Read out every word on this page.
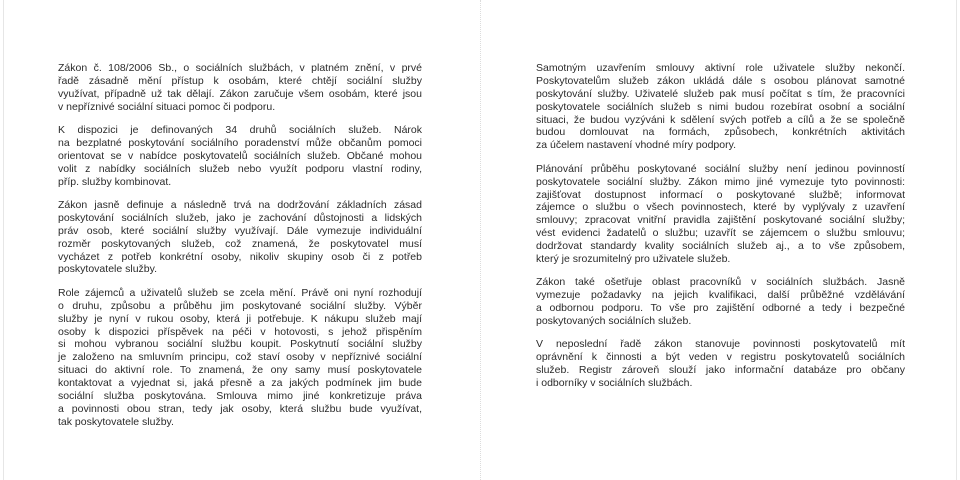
Zákon č. 108/2006 Sb., o sociálních službách, v platném znění, v prvé
řadě zásadně mění přístup k osobám, které chtějí sociální služby
využívat, případně už tak dělají. Zákon zaručuje všem osobám, které jsou
v nepříznivé sociální situaci pomoc či podporu.
K dispozici je definovaných 34 druhů sociálních služeb. Nárok
na bezplatné poskytování sociálního poradenství může občanům pomoci
orientovat se v nabídce poskytovatelů sociálních služeb. Občané mohou
volit z nabídky sociálních služeb nebo využít podporu vlastní rodiny,
příp. služby kombinovat.
Zákon jasně definuje a následně trvá na dodržování základních zásad
poskytování sociálních služeb, jako je zachování důstojnosti a lidských
práv osob, které sociální služby využívají. Dále vymezuje individuální
rozměr poskytovaných služeb, což znamená, že poskytovatel musí
vycházet z potřeb konkrétní osoby, nikoliv skupiny osob či z potřeb
poskytovatele služby.
Role zájemců a uživatelů služeb se zcela mění. Právě oni nyní rozhodují
o druhu, způsobu a průběhu jim poskytované sociální služby. Výběr
služby je nyní v rukou osoby, která ji potřebuje. K nákupu služeb mají
osoby k dispozici příspěvek na péči v hotovosti, s jehož přispěním
si mohou vybranou sociální službu koupit. Poskytnutí sociální služby
je založeno na smluvním principu, což staví osoby v nepříznivé sociální
situaci do aktivní role. To znamená, že ony samy musí poskytovatele
kontaktovat a vyjednat si, jaká přesně a za jakých podmínek jim bude
sociální služba poskytována. Smlouva mimo jiné konkretizuje práva
a povinnosti obou stran, tedy jak osoby, která službu bude využívat,
tak poskytovatele služby.
Samotným uzavřením smlouvy aktivní role uživatele služby nekončí.
Poskytovatelům služeb zákon ukládá dále s osobou plánovat samotné
poskytování služby. Uživatelé služeb pak musí počítat s tím, že pracovníci
poskytovatele sociálních služeb s nimi budou rozebírat osobní a sociální
situaci, že budou vyzýváni k sdělení svých potřeb a cílů a že se společně
budou domlouvat na formách, způsobech, konkrétních aktivitách
za účelem nastavení vhodné míry podpory.
Plánování průběhu poskytované sociální služby není jedinou povinností
poskytovatele sociální služby. Zákon mimo jiné vymezuje tyto povinnosti:
zajišťovat dostupnost informací o poskytované službě; informovat
zájemce o službu o všech povinnostech, které by vyplývaly z uzavření
smlouvy; zpracovat vnitřní pravidla zajištění poskytované sociální služby;
vést evidenci žadatelů o službu; uzavřít se zájemcem o službu smlouvu;
dodržovat standardy kvality sociálních služeb aj., a to vše způsobem,
který je srozumitelný pro uživatele služeb.
Zákon také ošetřuje oblast pracovníků v sociálních službách. Jasně
vymezuje požadavky na jejich kvalifikaci, další průběžné vzdělávání
a odbornou podporu. To vše pro zajištění odborné a tedy i bezpečné
poskytovaných sociálních služeb.
V neposlední řadě zákon stanovuje povinnosti poskytovatelů mít
oprávnění k činnosti a být veden v registru poskytovatelů sociálních
služeb. Registr zároveň slouží jako informační databáze pro občany
i odborníky v sociálních službách.
